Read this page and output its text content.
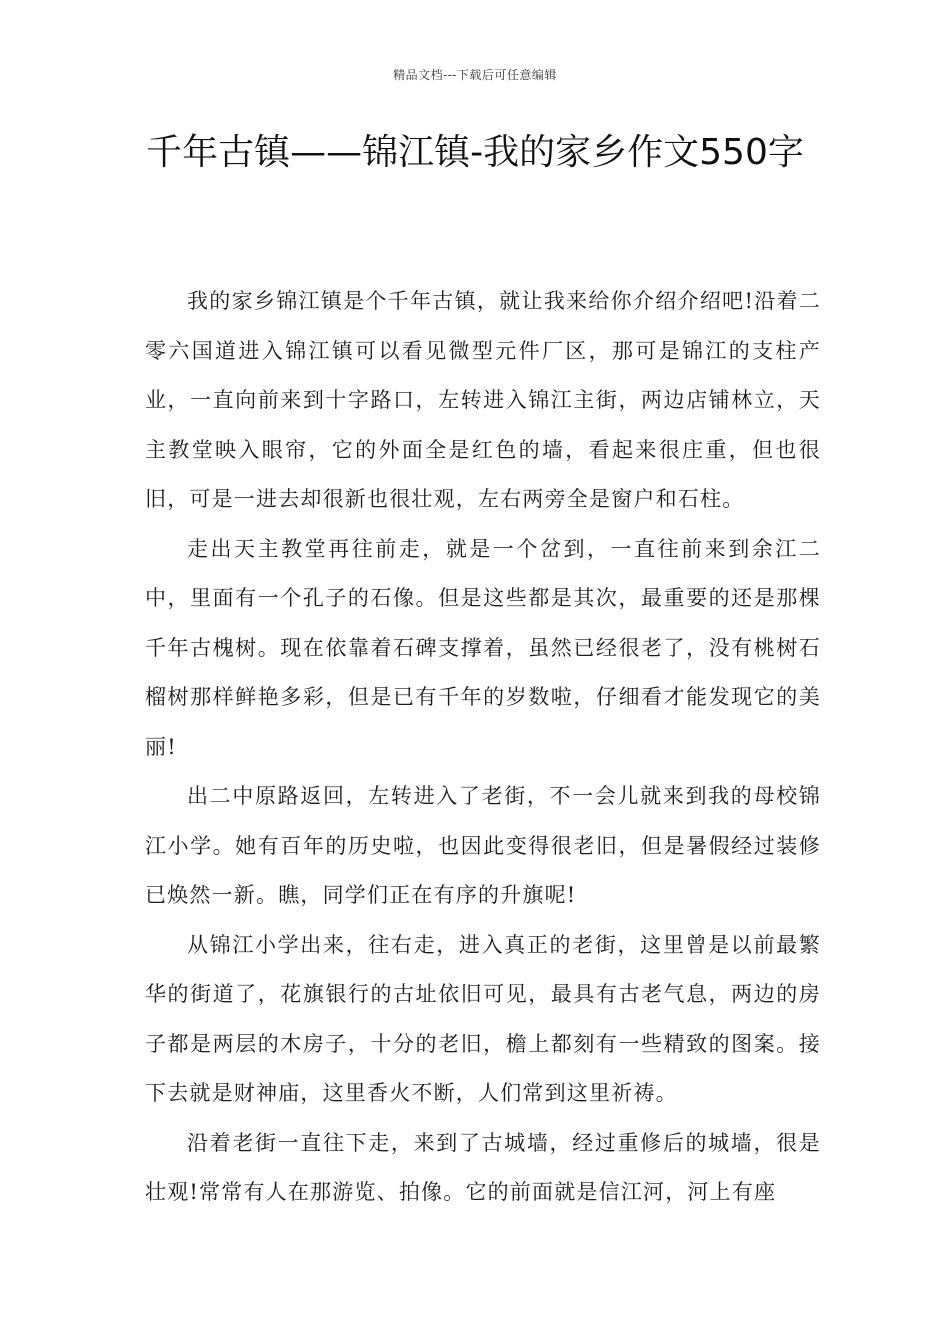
精品文档---下载后可任意编辑
千年古镇——锦江镇-我的家乡作文550字

我的家乡锦江镇是个千年古镇，就让我来给你介绍介绍吧!沿着二零六国道进入锦江镇可以看见微型元件厂区，那可是锦江的支柱产业，一直向前来到十字路口，左转进入锦江主街，两边店铺林立，天主教堂映入眼帘，它的外面全是红色的墙，看起来很庄重，但也很旧，可是一进去却很新也很壮观，左右两旁全是窗户和石柱。

走出天主教堂再往前走，就是一个岔到，一直往前来到余江二中，里面有一个孔子的石像。但是这些都是其次，最重要的还是那棵千年古槐树。现在依靠着石碑支撑着，虽然已经很老了，没有桃树石榴树那样鲜艳多彩，但是已有千年的岁数啦，仔细看才能发现它的美丽!

出二中原路返回，左转进入了老街，不一会儿就来到我的母校锦江小学。她有百年的历史啦，也因此变得很老旧，但是暑假经过装修已焕然一新。瞧，同学们正在有序的升旗呢!

从锦江小学出来，往右走，进入真正的老街，这里曾是以前最繁华的街道了，花旗银行的古址依旧可见，最具有古老气息，两边的房子都是两层的木房子，十分的老旧，檐上都刻有一些精致的图案。接下去就是财神庙，这里香火不断，人们常到这里祈祷。

沿着老街一直往下走，来到了古城墙，经过重修后的城墙，很是壮观!常常有人在那游览、拍像。它的前面就是信江河，河上有座
